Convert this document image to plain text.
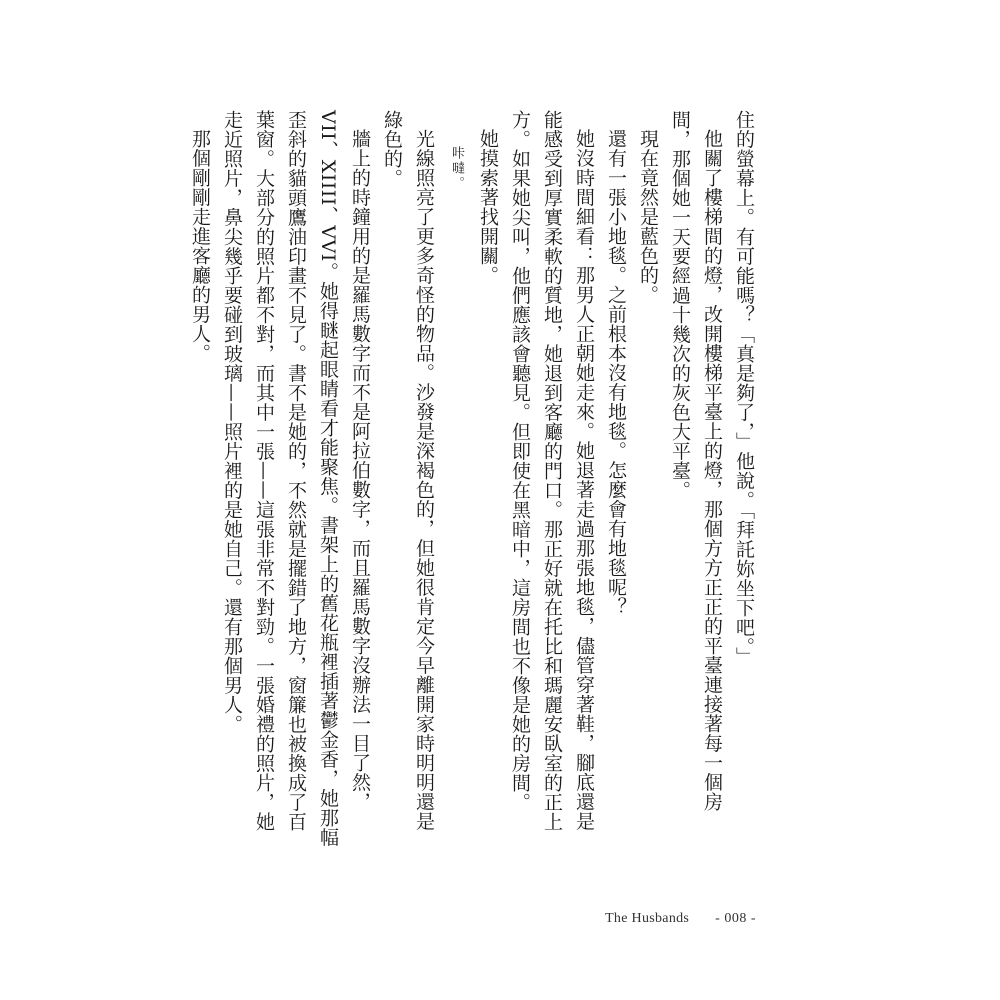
住的螢幕上。有可能嗎？「真是夠了，」他說。「拜託妳坐下吧。」

他關了樓梯間的燈，改開樓梯平臺上的燈，那個方方正正的平臺連接著每一個房間，那個她一天要經過十幾次的灰色大平臺。

現在竟然是藍色的。

還有一張小地毯。之前根本沒有地毯。怎麼會有地毯呢？

她沒時間細看：那男人正朝她走來。她退著走過那張地毯，儘管穿著鞋，腳底還是能感受到厚實柔軟的質地，她退到客廳的門口。那正好就在托比和瑪麗安臥室的正上方。如果她尖叫，他們應該會聽見。但即使在黑暗中，這房間也不像是她的房間。

她摸索著找開關。

咔噠。

光線照亮了更多奇怪的物品。沙發是深褐色的，但她很肯定今早離開家時明明還是綠色的。

牆上的時鐘用的是羅馬數字而不是阿拉伯數字，而且羅馬數字沒辦法一目了然，VII、XIIII、VVI。她得瞇起眼睛看才能聚焦。書架上的舊花瓶裡插著鬱金香，她那幅歪斜的貓頭鷹油印畫不見了。書不是她的，不然就是擺錯了地方，窗簾也被換成了百葉窗。大部分的照片都不對，而其中一張——這張非常不對勁。一張婚禮的照片，她走近照片，鼻尖幾乎要碰到玻璃——照片裡的是她自己。還有那個男人。

那個剛剛走進客廳的男人。

The Husbands - 008 -
